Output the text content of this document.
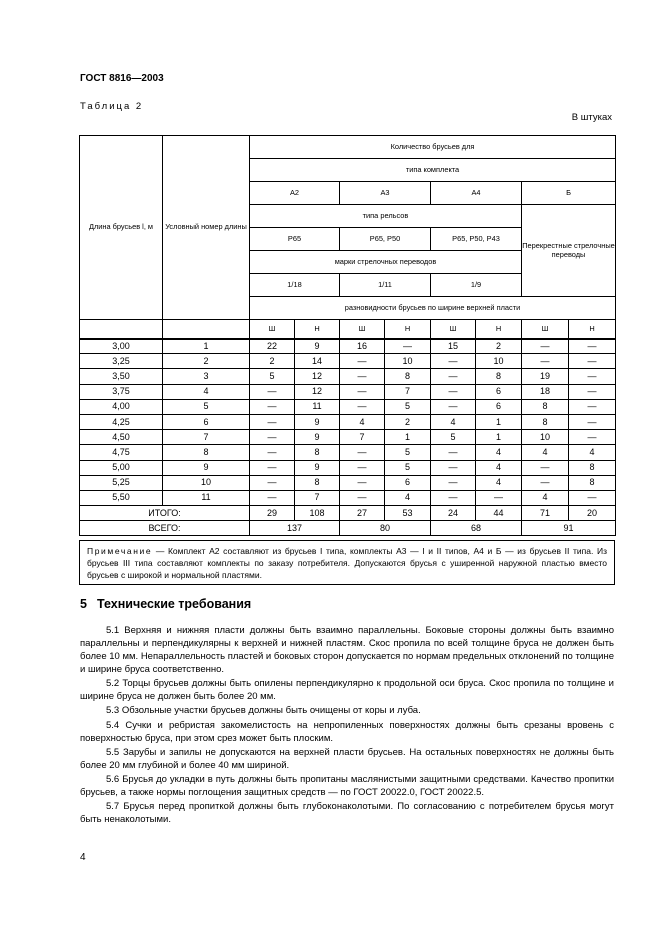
ГОСТ 8816—2003
Таблица 2
В штуках
Длина брусьев l, м	Условный номер длины	Количество брусьев для							
		типа комплекта							
		А2		А3		А4		Б	
		типа рельсов						Перекрестные стрелочные переводы	
		Р65		Р65, Р50		Р65, Р50, Р43			
		марки стрелочных переводов							
		1/18		1/11		1/9			
		разновидности брусьев по ширине верхней пласти							
		Ш	Н	Ш	Н	Ш	Н	Ш	Н
3,00	1	22	9	16	—	15	2	—	—
3,25	2	2	14	—	10	—	10	—	—
3,50	3	5	12	—	8	—	8	19	—
3,75	4	—	12	—	7	—	6	18	—
4,00	5	—	11	—	5	—	6	8	—
4,25	6	—	9	4	2	4	1	8	—
4,50	7	—	9	7	1	5	1	10	—
4,75	8	—	8	—	5	—	4	4	4
5,00	9	—	9	—	5	—	4	—	8
5,25	10	—	8	—	6	—	4	—	8
5,50	11	—	7	—	4	—	—	4	—
ИТОГО:		29	108	27	53	24	44	71	20
ВСЕГО:		137		80		68		91	
Примечание — Комплект А2 составляют из брусьев I типа, комплекты А3 — I и II типов, А4 и Б — из брусьев II типа. Из брусьев III типа составляют комплекты по заказу потребителя. Допускаются брусья с уширенной наружной пластью вместо брусьев с широкой и нормальной пластями.
5 Технические требования

5.1 Верхняя и нижняя пласти должны быть взаимно параллельны. Боковые стороны должны быть взаимно параллельны и перпендикулярны к верхней и нижней пластям. Скос пропила по всей толщине бруса не должен быть более 10 мм. Непараллельность пластей и боковых сторон допускается по нормам предельных отклонений по толщине и ширине бруса соответственно.

5.2 Торцы брусьев должны быть опилены перпендикулярно к продольной оси бруса. Скос пропила по толщине и ширине бруса не должен быть более 20 мм.

5.3 Обзольные участки брусьев должны быть очищены от коры и луба.

5.4 Сучки и ребристая закомелистость на непропиленных поверхностях должны быть срезаны вровень с поверхностью бруса, при этом срез может быть плоским.

5.5 Зарубы и запилы не допускаются на верхней пласти брусьев. На остальных поверхностях не должны быть более 20 мм глубиной и более 40 мм шириной.

5.6 Брусья до укладки в путь должны быть пропитаны маслянистыми защитными средствами. Качество пропитки брусьев, а также нормы поглощения защитных средств — по ГОСТ 20022.0, ГОСТ 20022.5.

5.7 Брусья перед пропиткой должны быть глубоконаколотыми. По согласованию с потребителем брусья могут быть ненаколотыми.

4
